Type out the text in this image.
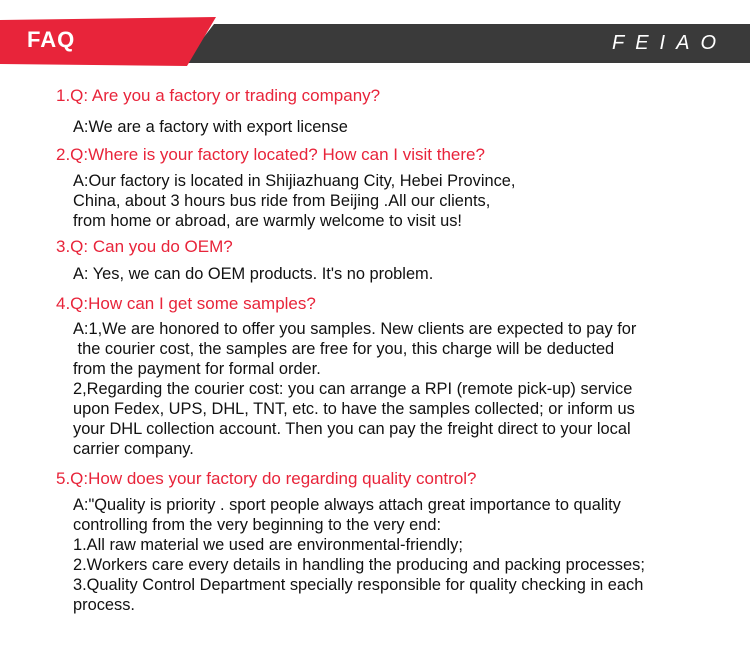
FAQ	FEIAO
1.Q: Are you a factory or trading company?
A:We are a factory with export license
2.Q:Where is your factory located? How can I visit there?
A:Our factory is located in Shijiazhuang City, Hebei Province,
China, about 3 hours bus ride from Beijing .All our clients,
from home or abroad, are warmly welcome to visit us!
3.Q: Can you do OEM?
A: Yes, we can do OEM products. It's no problem.
4.Q:How can I get some samples?
A:1,We are honored to offer you samples. New clients are expected to pay for
the courier cost, the samples are free for you, this charge will be deducted
from the payment for formal order.
2,Regarding the courier cost: you can arrange a RPI (remote pick-up) service
upon Fedex, UPS, DHL, TNT, etc. to have the samples collected; or inform us
your DHL collection account. Then you can pay the freight direct to your local
carrier company.
5.Q:How does your factory do regarding quality control?
A:"Quality is priority . sport people always attach great importance to quality
controlling from the very beginning to the very end:
1.All raw material we used are environmental-friendly;
2.Workers care every details in handling the producing and packing processes;
3.Quality Control Department specially responsible for quality checking in each
process.
